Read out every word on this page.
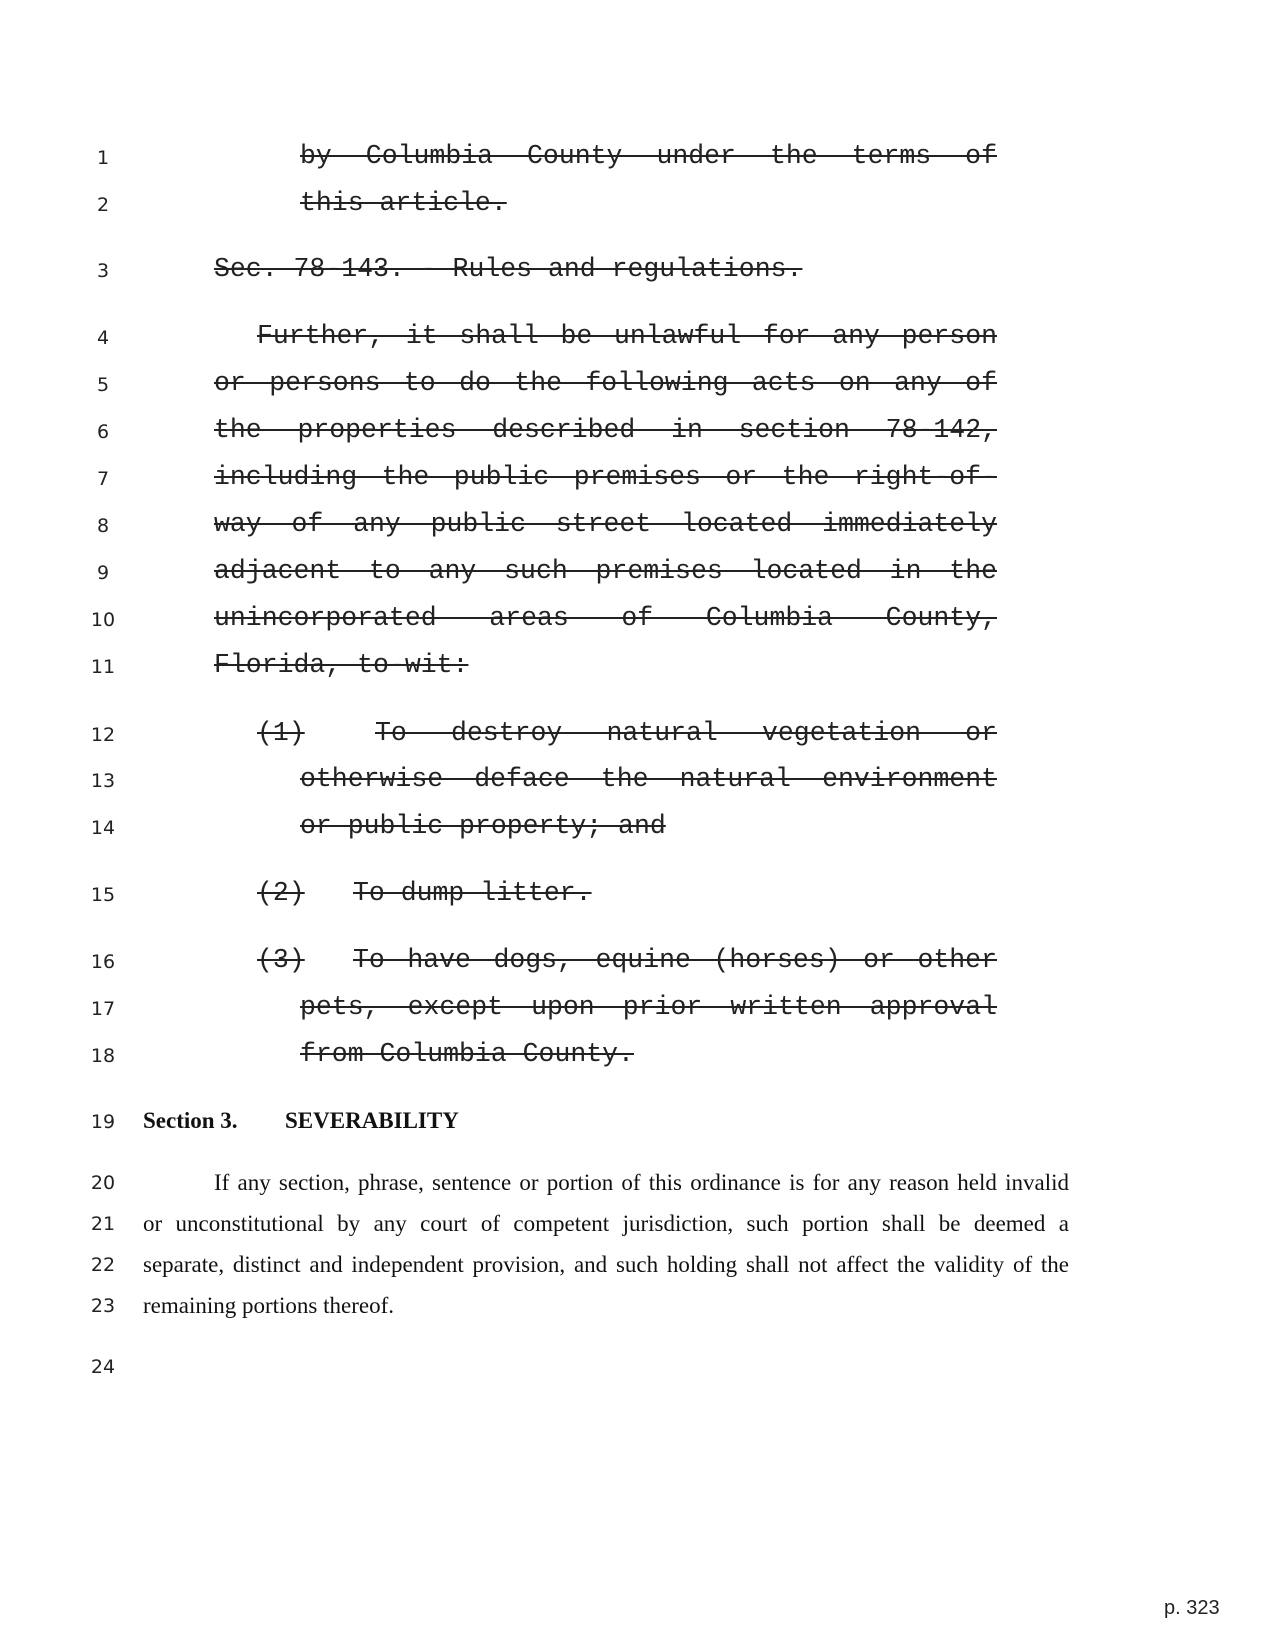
1
2
3
4
5
6
7
8
9
10
11
12
13
14
15
16
17
18
19
20
21
22
23
24
by Columbia County under the terms of
this article.
Sec. 78-143. - Rules and regulations.
Further, it shall be unlawful for any person
or persons to do the following acts on any of
the properties described in section 78-142,
including the public premises or the right-of-
way of any public street located immediately
adjacent to any such premises located in the
unincorporated areas of Columbia County,
Florida, to-wit:
(1)	To destroy natural vegetation or
otherwise deface the natural environment
or public property; and
(2)	To dump litter.
(3)	To have dogs, equine (horses) or other
pets, except upon prior written approval
from Columbia County.
Section 3. SEVERABILITY
If any section, phrase, sentence or portion of this ordinance is for any reason held invalid
or unconstitutional by any court of competent jurisdiction, such portion shall be deemed a
separate, distinct and independent provision, and such holding shall not affect the validity of the
remaining portions thereof.
p. 323
